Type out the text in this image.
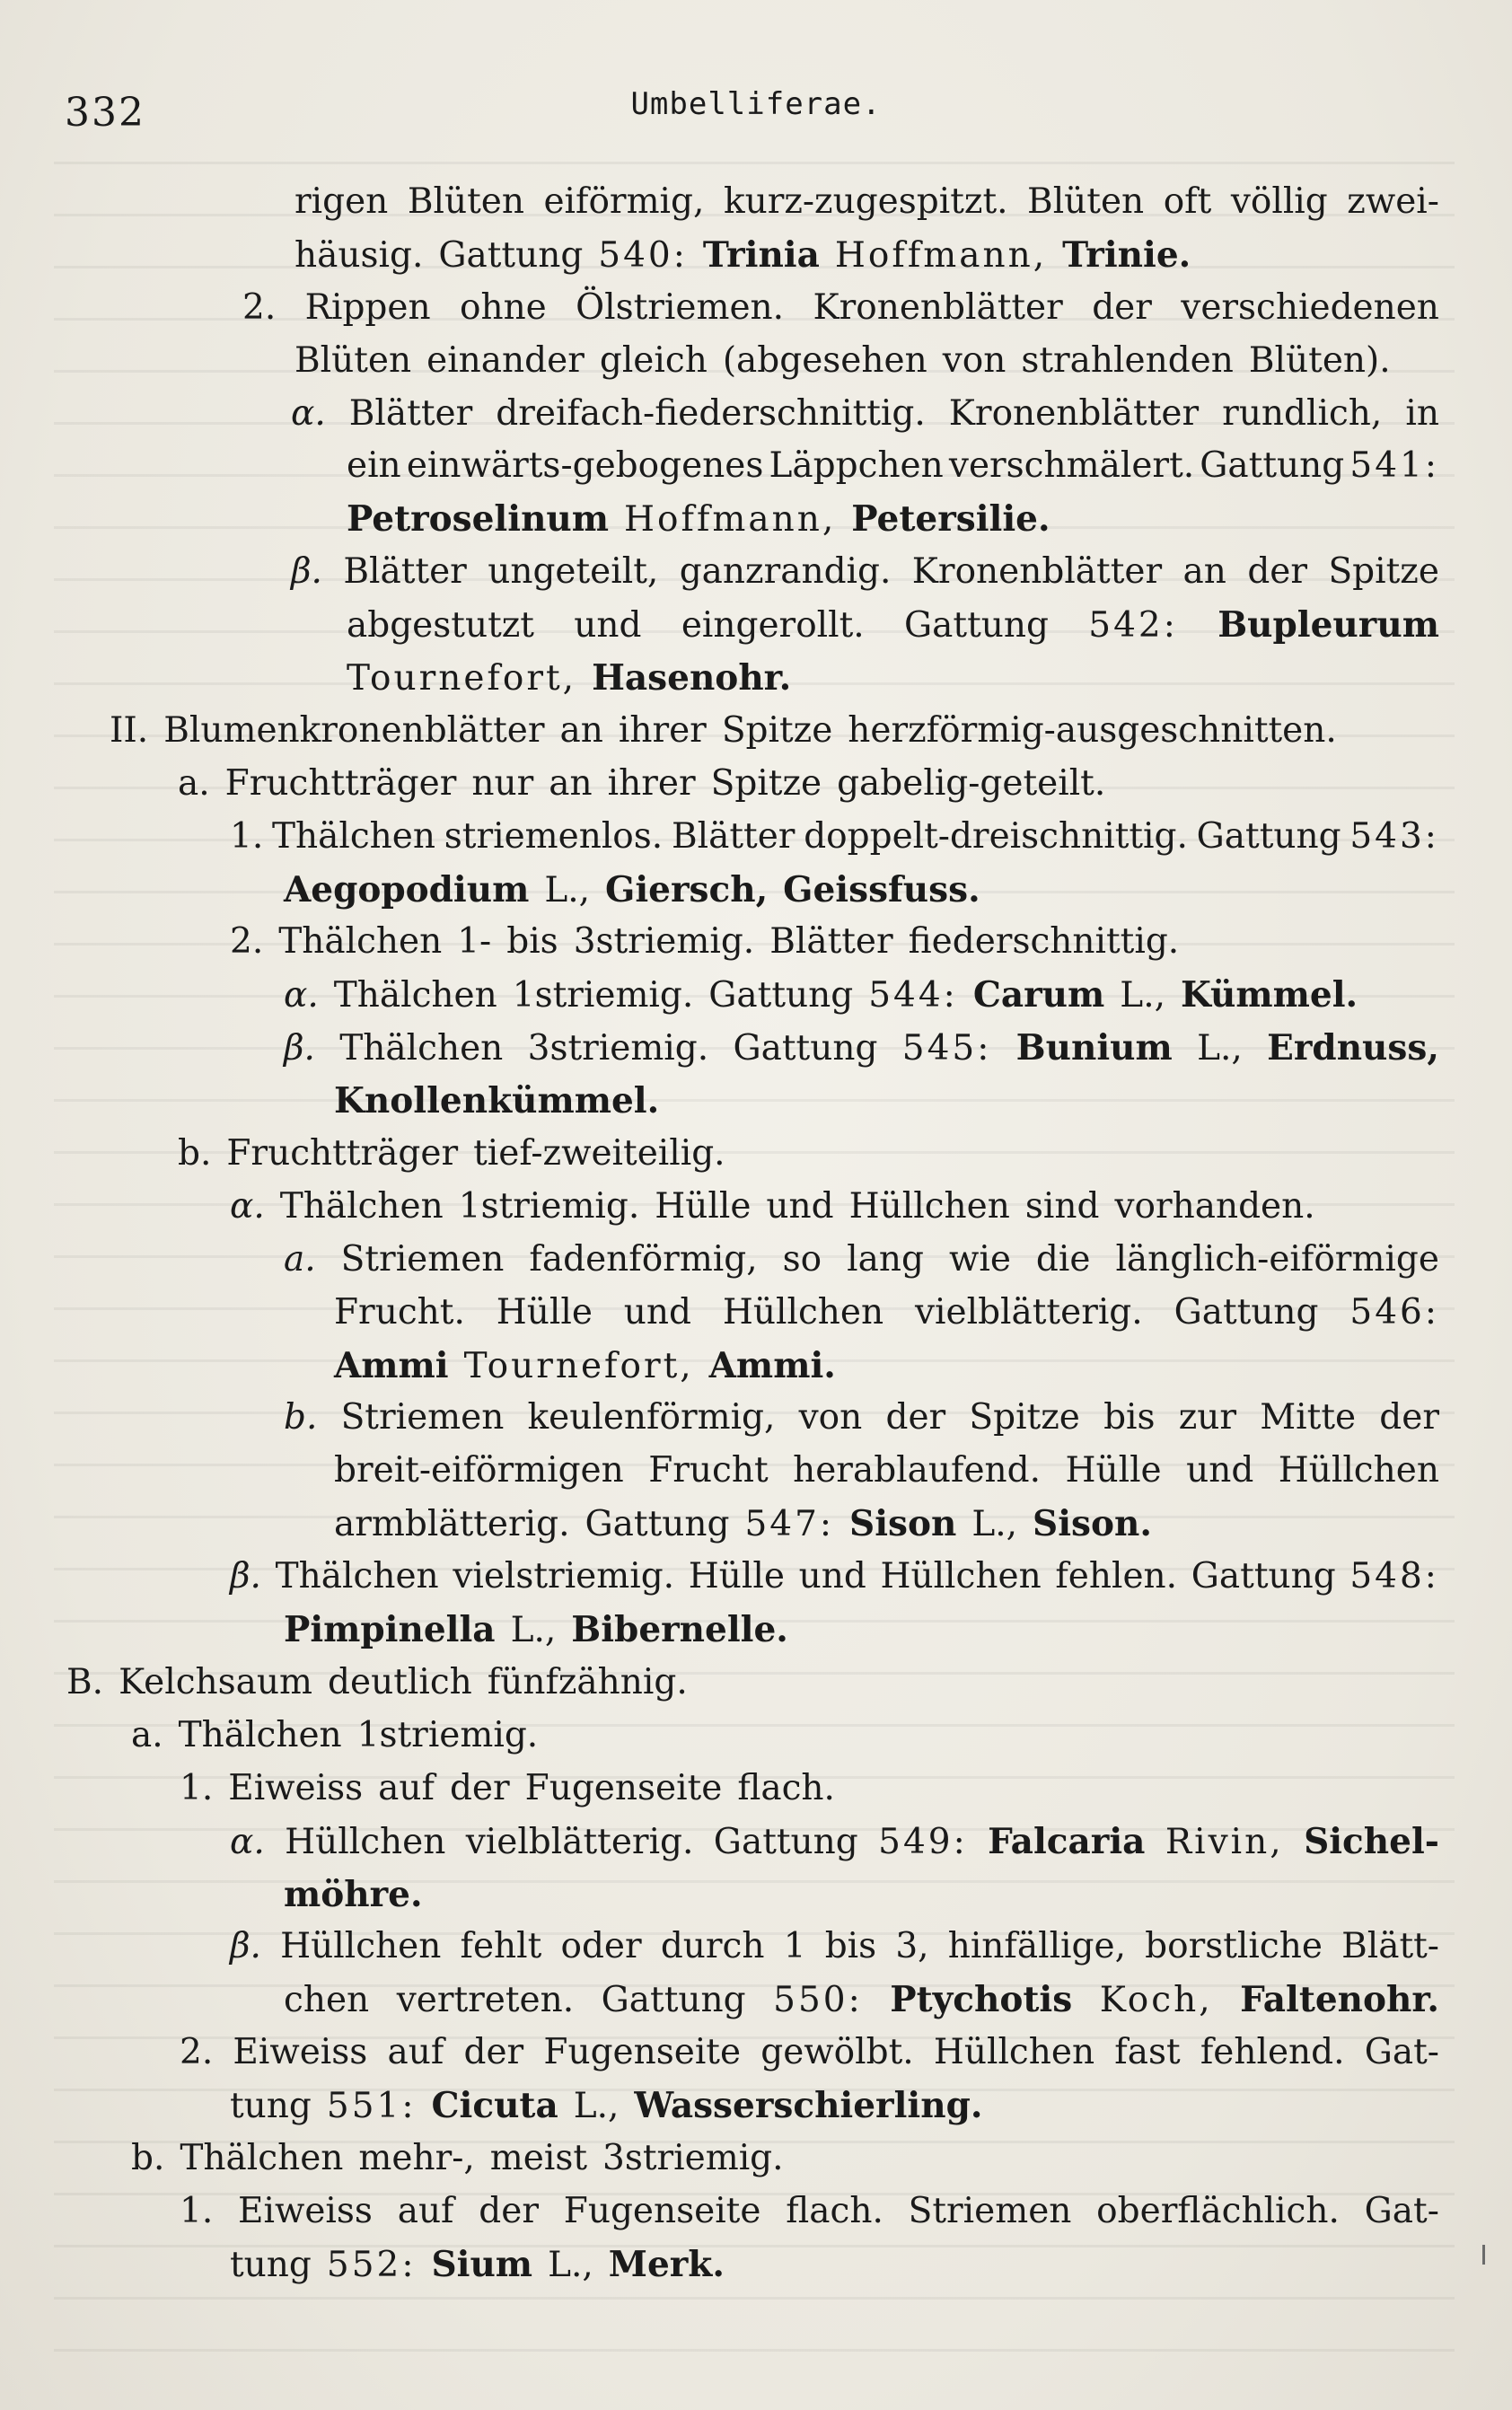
332	Umbelliferae.
rigen Blüten eiförmig, kurz-zugespitzt. Blüten oft völlig zwei-
häusig. Gattung 540: Trinia Hoffmann, Trinie.
2. Rippen ohne Ölstriemen. Kronenblätter der verschiedenen
Blüten einander gleich (abgesehen von strahlenden Blüten).
α. Blätter dreifach-fiederschnittig. Kronenblätter rundlich, in
ein einwärts-gebogenes Läppchen verschmälert. Gattung 541:
Petroselinum Hoffmann, Petersilie.
β. Blätter ungeteilt, ganzrandig. Kronenblätter an der Spitze
abgestutzt und eingerollt. Gattung 542: Bupleurum
Tournefort, Hasenohr.
II. Blumenkronenblätter an ihrer Spitze herzförmig-ausgeschnitten.
a. Fruchtträger nur an ihrer Spitze gabelig-geteilt.
1. Thälchen striemenlos. Blätter doppelt-dreischnittig. Gattung 543:
Aegopodium L., Giersch, Geissfuss.
2. Thälchen 1- bis 3striemig. Blätter fiederschnittig.
α. Thälchen 1striemig. Gattung 544: Carum L., Kümmel.
β. Thälchen 3striemig. Gattung 545: Bunium L., Erdnuss,
Knollenkümmel.
b. Fruchtträger tief-zweiteilig.
α. Thälchen 1striemig. Hülle und Hüllchen sind vorhanden.
a. Striemen fadenförmig, so lang wie die länglich-eiförmige
Frucht. Hülle und Hüllchen vielblätterig. Gattung 546:
Ammi Tournefort, Ammi.
b. Striemen keulenförmig, von der Spitze bis zur Mitte der
breit-eiförmigen Frucht herablaufend. Hülle und Hüllchen
armblätterig. Gattung 547: Sison L., Sison.
β. Thälchen vielstriemig. Hülle und Hüllchen fehlen. Gattung 548:
Pimpinella L., Bibernelle.
B. Kelchsaum deutlich fünfzähnig.
a. Thälchen 1striemig.
1. Eiweiss auf der Fugenseite flach.
α. Hüllchen vielblätterig. Gattung 549: Falcaria Rivin, Sichel-
möhre.
β. Hüllchen fehlt oder durch 1 bis 3, hinfällige, borstliche Blätt-
chen vertreten. Gattung 550: Ptychotis Koch, Faltenohr.
2. Eiweiss auf der Fugenseite gewölbt. Hüllchen fast fehlend. Gat-
tung 551: Cicuta L., Wasserschierling.
b. Thälchen mehr-, meist 3striemig.
1. Eiweiss auf der Fugenseite flach. Striemen oberflächlich. Gat-
tung 552: Sium L., Merk.
